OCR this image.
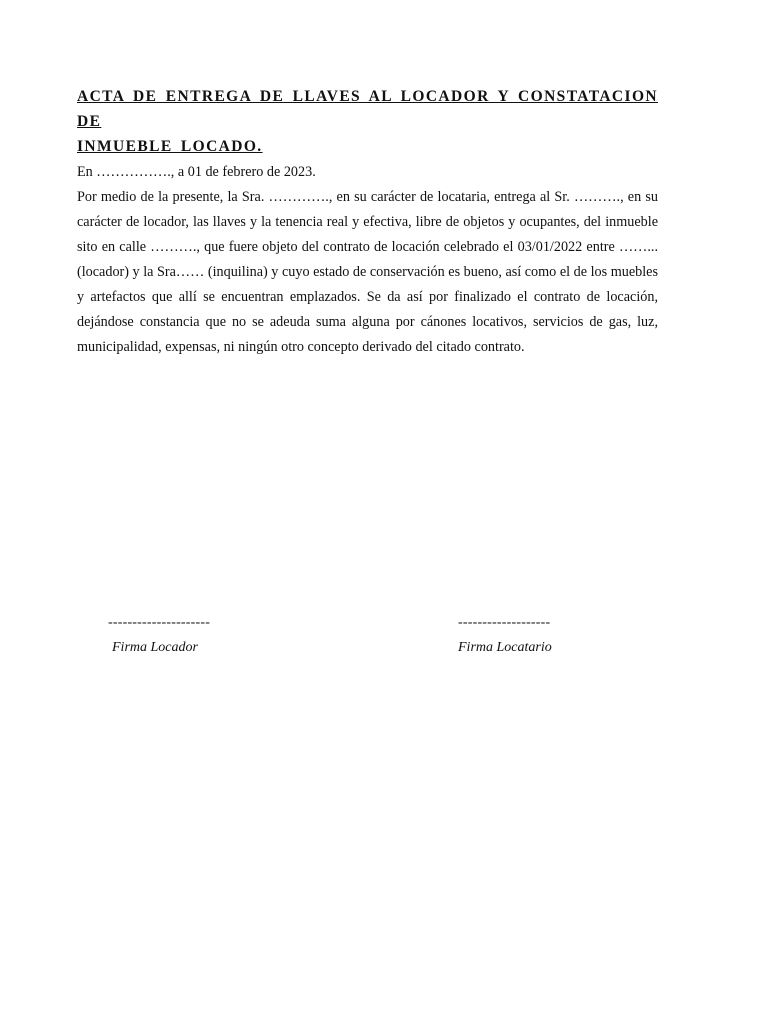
ACTA DE ENTREGA DE LLAVES AL LOCADOR Y CONSTATACION DE
INMUEBLE LOCADO.

En ……………., a 01 de febrero de 2023.

Por medio de la presente, la Sra. …………., en su carácter de locataria, entrega al Sr. ………., en su carácter de locador, las llaves y la tenencia real y efectiva, libre de objetos y ocupantes, del inmueble sito en calle ………., que fuere objeto del contrato de locación celebrado el 03/01/2022 entre ……...(locador) y la Sra…… (inquilina) y cuyo estado de conservación es bueno, así como el de los muebles y artefactos que allí se encuentran emplazados. Se da así por finalizado el contrato de locación, dejándose constancia que no se adeuda suma alguna por cánones locativos, servicios de gas, luz, municipalidad, expensas, ni ningún otro concepto derivado del citado contrato.

---------------------
Firma Locador
-------------------
Firma Locatario
